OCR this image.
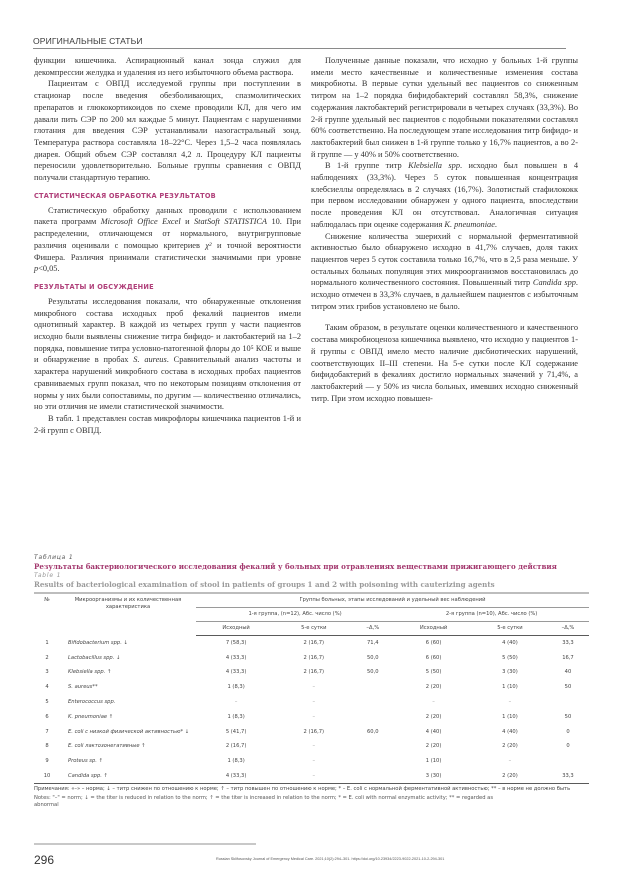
ОРИГИНАЛЬНЫЕ СТАТЬИ

функции кишечника. Аспирационный канал зонда служил для декомпрессии желудка и удаления из него избыточного объема раствора.

Пациентам с ОВПД исследуемой группы при поступлении в стационар после введения обезболивающих, спазмолитических препаратов и глюкокортикоидов по схеме проводили КЛ, для чего им давали пить СЭР по 200 мл каждые 5 минут. Пациентам с нарушениями глотания для введения СЭР устанавливали назогастральный зонд. Температура раствора составляла 18–22°C. Через 1,5–2 часа появлялась диарея. Общий объем СЭР составлял 4,2 л. Процедуру КЛ пациенты переносили удовлетворительно. Больные группы сравнения с ОВПД получали стандартную терапию.

СТАТИСТИЧЕСКАЯ ОБРАБОТКА РЕЗУЛЬТАТОВ

Статистическую обработку данных проводили с использованием пакета программ Microsoft Office Excel и StatSoft STATISTICA 10. При распределении, отличающемся от нормального, внутригрупповые различия оценивали с помощью критериев χ² и точной вероятности Фишера. Различия принимали статистически значимыми при уровне p<0,05.

РЕЗУЛЬТАТЫ И ОБСУЖДЕНИЕ

Результаты исследования показали, что обнаруженные отклонения микробного состава исходных проб фекалий пациентов имели однотипный характер. В каждой из четырех групп у части пациентов исходно были выявлены снижение титра бифидо- и лактобактерий на 1–2 порядка, повышение титра условно-патогенной флоры до 10⁵ КОЕ и выше и обнаружение в пробах S. aureus. Сравнительный анализ частоты и характера нарушений микробного состава в исходных пробах пациентов сравниваемых групп показал, что по некоторым позициям отклонения от нормы у них были сопоставимы, по другим — количественно отличались, но эти отличия не имели статистической значимости.

В табл. 1 представлен состав микрофлоры кишечника пациентов 1-й и 2-й групп с ОВПД.

Полученные данные показали, что исходно у больных 1-й группы имели место качественные и количественные изменения состава микробиоты. В первые сутки удельный вес пациентов со сниженным титром на 1–2 порядка бифидобактерий составлял 58,3%, снижение содержания лактобактерий регистрировали в четырех случаях (33,3%). Во 2-й группе удельный вес пациентов с подобными показателями составлял 60% соответственно. На последующем этапе исследования титр бифидо- и лактобактерий был снижен в 1-й группе только у 16,7% пациентов, а во 2-й группе — у 40% и 50% соответственно.

В 1-й группе титр Klebsiella spp. исходно был повышен в 4 наблюдениях (33,3%). Через 5 суток повышенная концентрация клебсиеллы определялась в 2 случаях (16,7%). Золотистый стафилококк при первом исследовании обнаружен у одного пациента, впоследствии после проведения КЛ он отсутствовал. Аналогичная ситуация наблюдалась при оценке содержания K. pneumoniae.

Снижение количества эшерихий с нормальной ферментативной активностью было обнаружено исходно в 41,7% случаев, доля таких пациентов через 5 суток составила только 16,7%, что в 2,5 раза меньше. У остальных больных популяция этих микроорганизмов восстановилась до нормального количественного состояния. Повышенный титр Candida spp. исходно отмечен в 33,3% случаев, в дальнейшем пациентов с избыточным титром этих грибов установлено не было.

Таким образом, в результате оценки количественного и качественного состава микробиоценоза кишечника выявлено, что исходно у пациентов 1-й группы с ОВПД имело место наличие дисбиотических нарушений, соответствующих II–III степени. На 5-е сутки после КЛ содержание бифидобактерий в фекалиях достигло нормальных значений у 71,4%, а лактобактерий — у 50% из числа больных, имевших исходно сниженный титр. При этом исходно повышен-

Таблица 1
Результаты бактериологического исследования фекалий у больных при отравлениях веществами прижигающего действия
Table 1
Results of bacteriological examination of stool in patients of groups 1 and 2 with poisoning with cauterizing agents
№	Микроорганизмы и их количественная характеристика	Группы больных, этапы исследований и удельный вес наблюдений					
		1-я группа, (n=12), Абс. число (%)			2-я группа (n=10), Абс. число (%)		
		Исходный	5-е сутки	–Δ,%	Исходный	5-е сутки	–Δ,%
1	Bifidobacterium spp. ↓	7 (58,3)	2 (16,7)	71,4	6 (60)	4 (40)	33,3
2	Lactobacillus spp. ↓	4 (33,3)	2 (16,7)	50,0	6 (60)	5 (50)	16,7
3	Klebsiella spp. ↑	4 (33,3)	2 (16,7)	50,0	5 (50)	3 (30)	40
4	S. aureus**	1 (8,3)	–		2 (20)	1 (10)	50
5	Enterococcus spp.	–	–		–	–	
6	K. pneumoniae ↑	1 (8,3)	–		2 (20)	1 (10)	50
7	E. coli с низкой физической активностью* ↓	5 (41,7)	2 (16,7)	60,0	4 (40)	4 (40)	0
8	E. coli лактозонегативные ↑	2 (16,7)	–		2 (20)	2 (20)	0
9	Proteus sp. ↑	1 (8,3)	–		1 (10)	–	
10	Candida spp. ↑	4 (33,3)	–		3 (30)	2 (20)	33,3
Примечания: «–» – норма; ↓ – титр снижен по отношению к норме; ↑ – титр повышен по отношению к норме; * – E. coli с нормальной ферментативной активностью; ** – в норме не должно быть
Notes: "–" = norm; ↓ = the titer is reduced in relation to the norm; ↑ = the titer is increased in relation to the norm; * = E. coli with normal enzymatic activity; ** = regarded as abnormal
296	Russian Sklifosovsky Journal of Emergency Medical Care. 2021;10(2):294–301. https://doi.org/10.23934/2223-9022-2021-10-2-294-301
